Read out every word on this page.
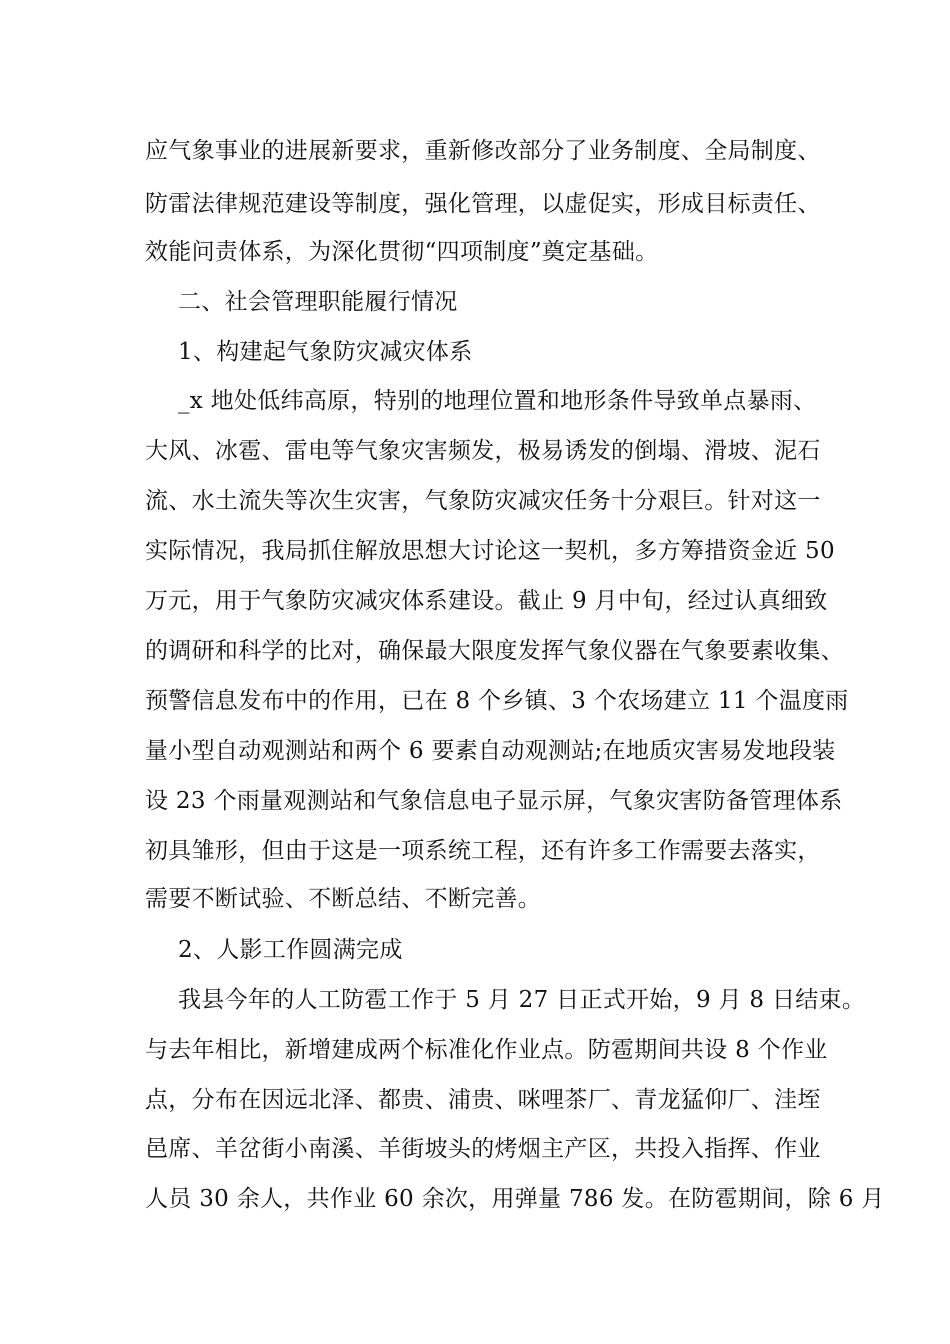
应气象事业的进展新要求，重新修改部分了业务制度、全局制度、
防雷法律规范建设等制度，强化管理，以虚促实，形成目标责任、
效能问责体系，为深化贯彻“四项制度”奠定基础。
二、社会管理职能履行情况
1、构建起气象防灾减灾体系
_x 地处低纬高原，特别的地理位置和地形条件导致单点暴雨、
大风、冰雹、雷电等气象灾害频发，极易诱发的倒塌、滑坡、泥石
流、水土流失等次生灾害，气象防灾减灾任务十分艰巨。针对这一
实际情况，我局抓住解放思想大讨论这一契机，多方筹措资金近 50
万元，用于气象防灾减灾体系建设。截止 9 月中旬，经过认真细致
的调研和科学的比对，确保最大限度发挥气象仪器在气象要素收集、
预警信息发布中的作用，已在 8 个乡镇、3 个农场建立 11 个温度雨
量小型自动观测站和两个 6 要素自动观测站;在地质灾害易发地段装
设 23 个雨量观测站和气象信息电子显示屏，气象灾害防备管理体系
初具雏形，但由于这是一项系统工程，还有许多工作需要去落实，
需要不断试验、不断总结、不断完善。
2、人影工作圆满完成
我县今年的人工防雹工作于 5 月 27 日正式开始，9 月 8 日结束。
与去年相比，新增建成两个标准化作业点。防雹期间共设 8 个作业
点，分布在因远北泽、都贵、浦贵、咪哩茶厂、青龙猛仰厂、洼垤
邑席、羊岔街小南溪、羊街坡头的烤烟主产区，共投入指挥、作业
人员 30 余人，共作业 60 余次，用弹量 786 发。在防雹期间，除 6 月
